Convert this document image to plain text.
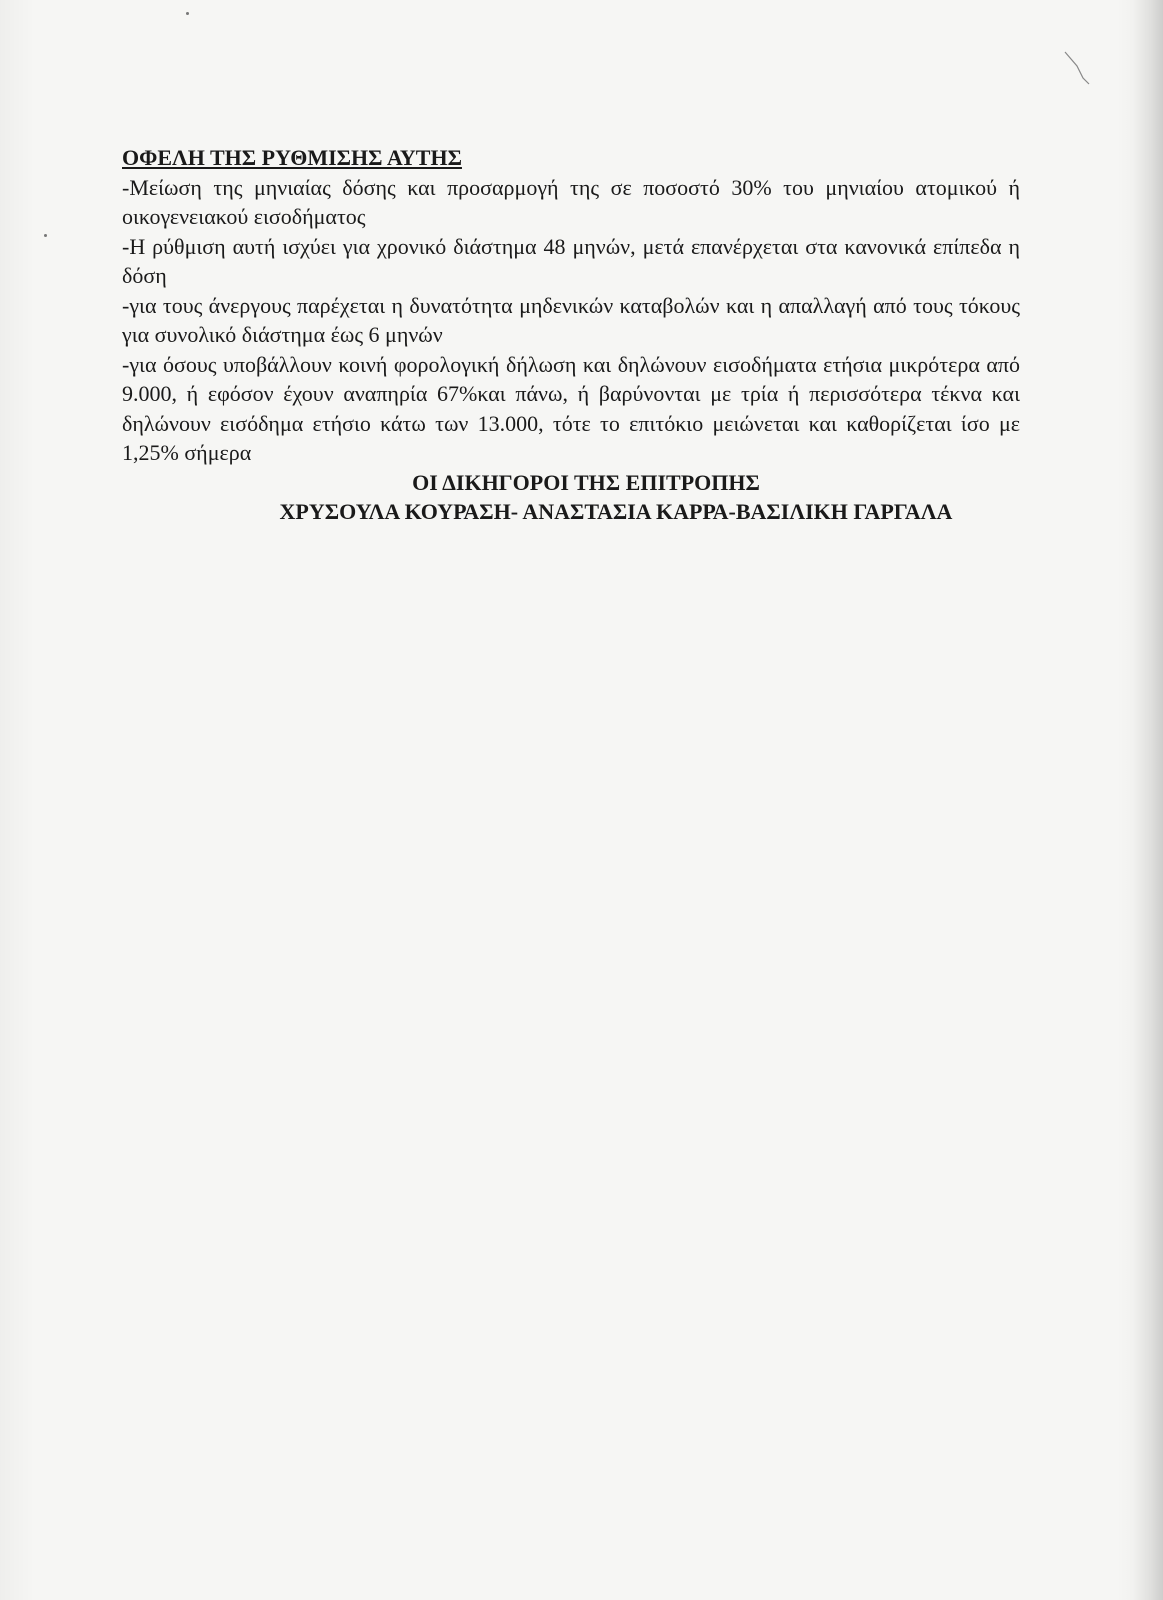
ΟΦΕΛΗ ΤΗΣ ΡΥΘΜΙΣΗΣ ΑΥΤΗΣ

-Μείωση της μηνιαίας δόσης και προσαρμογή της σε ποσοστό 30% του μηνιαίου ατομικού ή οικογενειακού εισοδήματος

-Η ρύθμιση αυτή ισχύει για χρονικό διάστημα 48 μηνών, μετά επανέρχεται στα κανονικά επίπεδα η δόση

-για τους άνεργους παρέχεται η δυνατότητα μηδενικών καταβολών και η απαλλαγή από τους τόκους για συνολικό διάστημα έως 6 μηνών

-για όσους υποβάλλουν κοινή φορολογική δήλωση και δηλώνουν εισοδήματα ετήσια μικρότερα από 9.000, ή εφόσον έχουν αναπηρία 67%και πάνω, ή βαρύνονται με τρία ή περισσότερα τέκνα και δηλώνουν εισόδημα ετήσιο κάτω των 13.000, τότε το επιτόκιο μειώνεται και καθορίζεται ίσο με 1,25% σήμερα

ΟΙ ΔΙΚΗΓΟΡΟΙ ΤΗΣ ΕΠΙΤΡΟΠΗΣ

ΧΡΥΣΟΥΛΑ ΚΟΥΡΑΣΗ- ΑΝΑΣΤΑΣΙΑ ΚΑΡΡΑ-ΒΑΣΙΛΙΚΗ ΓΑΡΓΑΛΑ
